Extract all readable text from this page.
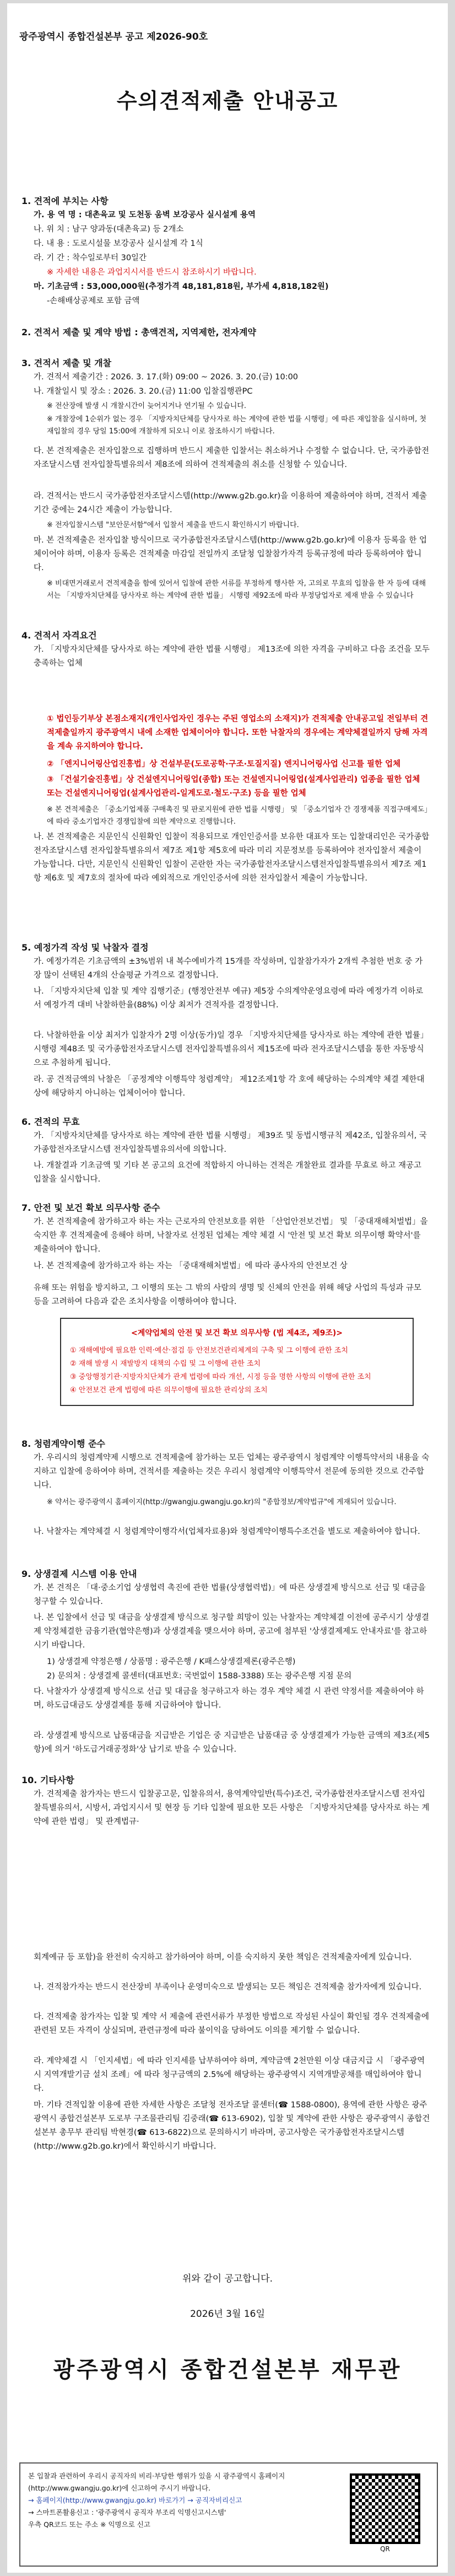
광주광역시 종합건설본부 공고 제2026-90호
수의견적제출 안내공고
1. 견적에 부치는 사항
가. 용 역 명 : 대촌육교 및 도천동 움벽 보강공사 실시설계 용역
나. 위 치 : 남구 양과동(대촌육교) 등 2개소
다. 내 용 : 도로시설물 보강공사 실시설계 각 1식
라. 기 간 : 착수일로부터 30일간
※ 자세한 내용은 과업지시서를 반드시 참조하시기 바랍니다.
마. 기초금액 : 53,000,000원(추정가격 48,181,818원, 부가세 4,818,182원)
-손해배상공제로 포함 금액
2. 견적서 제출 및 계약 방법 : 총액견적, 지역제한, 전자계약
3. 견적서 제출 및 개찰
가. 견적서 제출기간 : 2026. 3. 17.(화) 09:00 ~ 2026. 3. 20.(금) 10:00
나. 개찰일시 및 장소 : 2026. 3. 20.(금) 11:00 입찰집행관PC
※ 전산장애 발생 시 개찰시간이 늦어지거나 연기될 수 있습니다.
※ 개찰장에 1순위가 없는 경우 「지방자치단체를 당사자로 하는 계약에 관한 법률 시행령」에 따른 재입찰을 실시하며, 첫 재입찰의 경우 당일 15:00에 개찰하게 되오니 이로 참조하시기 바랍니다.
다. 본 견적제출은 전자입찰으로 집행하며 반드시 제출한 입찰서는 취소하거나 수정할 수 없습니다. 단, 국가종합전자조달시스템 전자입찰특별유의서 제8조에 의하여 견적제출의 취소를 신청할 수 있습니다.
라. 견적서는 반드시 국가종합전자조달시스템(http://www.g2b.go.kr)을 이용하여 제출하여야 하며, 견적서 제출기간 중에는 24시간 제출이 가능합니다.
※ 전자입찰시스템 "보안문서함"에서 입찰서 제출을 반드시 확인하시기 바랍니다.
마. 본 견적제출은 전자입찰 방식이므로 국가종합전자조달시스템(http://www.g2b.go.kr)에 이용자 등록을 한 업체이어야 하며, 이용자 등록은 견적제출 마감일 전일까지 조달청 입찰참가자격 등록규정에 따라 등록하여야 합니다.
※ 비대면거래로서 견적제출을 함에 있어서 입찰에 관한 서류를 부정하게 행사한 자, 고의로 무효의 입찰을 한 자 등에 대해서는 「지방자치단체를 당사자로 하는 계약에 관한 법률」 시행령 제92조에 따라 부정당업자로 제재 받을 수 있습니다
4. 견적서 자격요건
가. 「지방자치단체를 당사자로 하는 계약에 관한 법률 시행령」 제13조에 의한 자격을 구비하고 다음 조건을 모두 충족하는 업체
① 법인등기부상 본점소재지(개인사업자인 경우는 주된 영업소의 소재지)가 견적제출 안내공고일 전일부터 견적제출일까지 광주광역시 내에 소재한 업체이어야 합니다. 또한 낙찰자의 경우에는 계약체결일까지 당해 자격을 계속 유지하여야 합니다.
② 「엔지니어링산업진흥법」상 건설부문(도로공학·구조·토질지질) 엔지니어링사업 신고를 필한 업체
③ 「건설기술진흥법」상 건설엔지니어링업(종합) 또는 건설엔지니어링업(설계사업관리) 업종을 필한 업체 또는 건설엔지니어링업(설계사업관리-일계도로·철도·구조) 등을 필한 업체
※ 본 견적제출은 「중소기업제품 구매촉진 및 판로지원에 관한 법률 시행령」 및 「중소기업자 간 경쟁제품 직접구매제도」에 따라 중소기업자간 경쟁입찰에 의한 계약으로 진행합니다.
나. 본 견적제출은 지문인식 신원확인 입찰이 적용되므로 개인인증서를 보유한 대표자 또는 입찰대리인은 국가종합전자조달시스템 전자입찰특별유의서 제7조 제1항 제5호에 따라 미리 지문정보를 등록하여야 전자입찰서 제출이 가능합니다. 다만, 지문인식 신원확인 입찰이 곤란한 자는 국가종합전자조달시스템전자입찰특별유의서 제7조 제1항 제6호 및 제7호의 절차에 따라 예외적으로 개인인증서에 의한 전자입찰서 제출이 가능합니다.
5. 예정가격 작성 및 낙찰자 결정
가. 예정가격은 기초금액의 ±3%범위 내 복수예비가격 15개를 작성하며, 입찰참가자가 2개씩 추첨한 번호 중 가장 많이 선택된 4개의 산술평균 가격으로 결정합니다.
나. 「지방자치단체 입찰 및 계약 집행기준」(행정안전부 예규) 제5장 수의계약운영요령에 따라 예정가격 이하로서 예정가격 대비 낙찰하한율(88%) 이상 최저가 견적자를 결정합니다.
다. 낙찰하한율 이상 최저가 입찰자가 2명 이상(동가)일 경우 「지방자치단체를 당사자로 하는 계약에 관한 법률」 시행령 제48조 및 국가종합전자조달시스템 전자입찰특별유의서 제15조에 따라 전자조달시스템을 통한 자동방식으로 추첨하게 됩니다.
라. 공 견적금액의 낙찰은 「공정계약 이행특약 청렴계약」 제12조제1항 각 호에 해당하는 수의계약 체결 제한대상에 해당하지 아니하는 업체이어야 합니다.
6. 견적의 무효
가. 「지방자치단체를 당사자로 하는 계약에 관한 법률 시행령」 제39조 및 동법시행규칙 제42조, 입찰유의서, 국가종합전자조달시스템 전자입찰특별유의서에 의합니다.
나. 개찰결과 기초금액 및 기타 본 공고의 요건에 적합하지 아니하는 견적은 개찰완료 결과를 무효로 하고 재공고 입찰을 실시합니다.
7. 안전 및 보건 확보 의무사항 준수
가. 본 견적제출에 참가하고자 하는 자는 근로자의 안전보호를 위한 「산업안전보건법」 및 「중대재해처벌법」을 숙지한 후 견적제출에 응해야 하며, 낙찰자로 선정된 업체는 계약 체결 시 '안전 및 보건 확보 의무이행 확약서'를 제출하여야 합니다.
나. 본 견적제출에 참가하고자 하는 자는 「중대재해처벌법」에 따라 종사자의 안전보건 상
유해 또는 위험을 방지하고, 그 이행의 또는 그 밖의 사람의 생명 및 신체의 안전을 위해 해당 사업의 특성과 규모 등을 고려하여 다음과 같은 조치사항을 이행하여야 합니다.
<계약업체의 안전 및 보건 확보 의무사항 (법 제4조, 제9조)>
① 재해예방에 필요한 인력·예산·점검 등 안전보건관리체계의 구축 및 그 이행에 관한 조치
② 재해 발생 시 재발방지 대책의 수립 및 그 이행에 관한 조치
③ 중앙행정기관·지방자치단체가 관계 법령에 따라 개선, 시정 등을 명한 사항의 이행에 관한 조치
④ 안전보건 관계 법령에 따른 의무이행에 필요한 관리상의 조치
8. 청렴계약이행 준수
가. 우리시의 청렴계약제 시행으로 견적제출에 참가하는 모든 업체는 광주광역시 청렴계약 이행특약서의 내용을 숙지하고 입찰에 응하여야 하며, 견적서를 제출하는 것은 우리시 청렴계약 이행특약서 전문에 동의한 것으로 간주합니다.
※ 약서는 광주광역시 홈페이지(http://gwangju.gwangju.go.kr)의 "종합정보/계약법규"에 게재되어 있습니다.
나. 낙찰자는 계약체결 시 청렴계약이행각서(업체자료용)와 청렴계약이행특수조건을 별도로 제출하여야 합니다.
9. 상생결제 시스템 이용 안내
가. 본 견적은 「대·중소기업 상생협력 촉진에 관한 법률(상생협력법)」에 따른 상생결제 방식으로 선급 및 대금을 청구할 수 있습니다.
나. 본 입찰에서 선급 및 대금을 상생결제 방식으로 청구할 희망이 있는 낙찰자는 계약체결 이전에 공주시기 상생결제 약정체결한 금융기관(협약은행)과 상생결제을 맺으셔야 하며, 공고에 첨부된 '상생결제제도 안내자료'를 참고하시기 바랍니다.
1) 상생결제 약정은행 / 상품명 : 광주은행 / K패스상생결제론(광주은행)
2) 문의처 : 상생결제 콜센터(대표번호: 국번없이 1588-3388) 또는 광주은행 지점 문의
다. 낙찰자가 상생결제 방식으로 선급 및 대금을 청구하고자 하는 경우 계약 체결 시 관련 약정서를 제출하여야 하며, 하도급대금도 상생결제를 통해 지급하여야 합니다.
라. 상생결제 방식으로 납품대금을 지급받은 기업은 중 지급받은 납품대금 중 상생결제가 가능한 금액의 제3조(제5항)에 의거 '하도급거래공정화'상 납기로 받을 수 있습니다.
10. 기타사항
가. 견적제출 참가자는 반드시 입찰공고문, 입찰유의서, 용역계약일반(특수)조건, 국가종합전자조달시스템 전자입찰특별유의서, 시방서, 과업지시서 및 현장 등 기타 입찰에 필요한 모든 사항은 「지방자치단체를 당사자로 하는 계약에 관한 법령」 및 관계법규·
회계예규 등 포함)을 완전히 숙지하고 참가하여야 하며, 이를 숙지하지 못한 책임은 견적제출자에게 있습니다.
나. 견적참가자는 반드시 전산장비 부족이나 운영미숙으로 발생되는 모든 책임은 견적제출 참가자에게 있습니다.
다. 견적제출 참가자는 입찰 및 계약 서 제출에 관련서류가 부정한 방법으로 작성된 사실이 확인될 경우 견적제출에 관련된 모든 자격이 상실되며, 관련규정에 따라 불이익을 당하여도 이의를 제기할 수 없습니다.
라. 계약체결 시 「인지세법」에 따라 인지세를 납부하여야 하며, 계약금액 2천만원 이상 대금지급 시 「광주광역시 지역개발기금 설치 조례」에 따라 청구금액의 2.5%에 해당하는 광주광역시 지역개발공채를 매입하여야 합니다.
마. 기타 견적입찰 이용에 관한 자세한 사항은 조달청 전자조달 콜센터(☎ 1588-0800), 용역에 관한 사항은 광주광역시 종합건설본부 도로부 구조물관리팀 김중래(☎ 613-6902), 입찰 및 계약에 관한 사항은 광주광역시 종합건설본부 총무부 관리팀 박현경(☎ 613-6822)으로 문의하시기 바라며, 공고사항은 국가종합전자조달시스템(http://www.g2b.go.kr)에서 확인하시기 바랍니다.
위와 같이 공고합니다.
2026년 3월 16일
광주광역시 종합건설본부 재무관
본 입찰과 관련하여 우리시 공직자의 비리·부당한 행위가 있을 시 광주광역시 홈페이지(http://www.gwangju.go.kr)에 신고하여 주시기 바랍니다.
→ 홈페이지(http://www.gwangju.go.kr) 바로가기 → 공직자비리신고
→ 스마트폰활용신고 : '광주광역시 공직자 부조리 익명신고시스템'
우측 QR코드 또는 주소 ※ 익명으로 신고
QR
